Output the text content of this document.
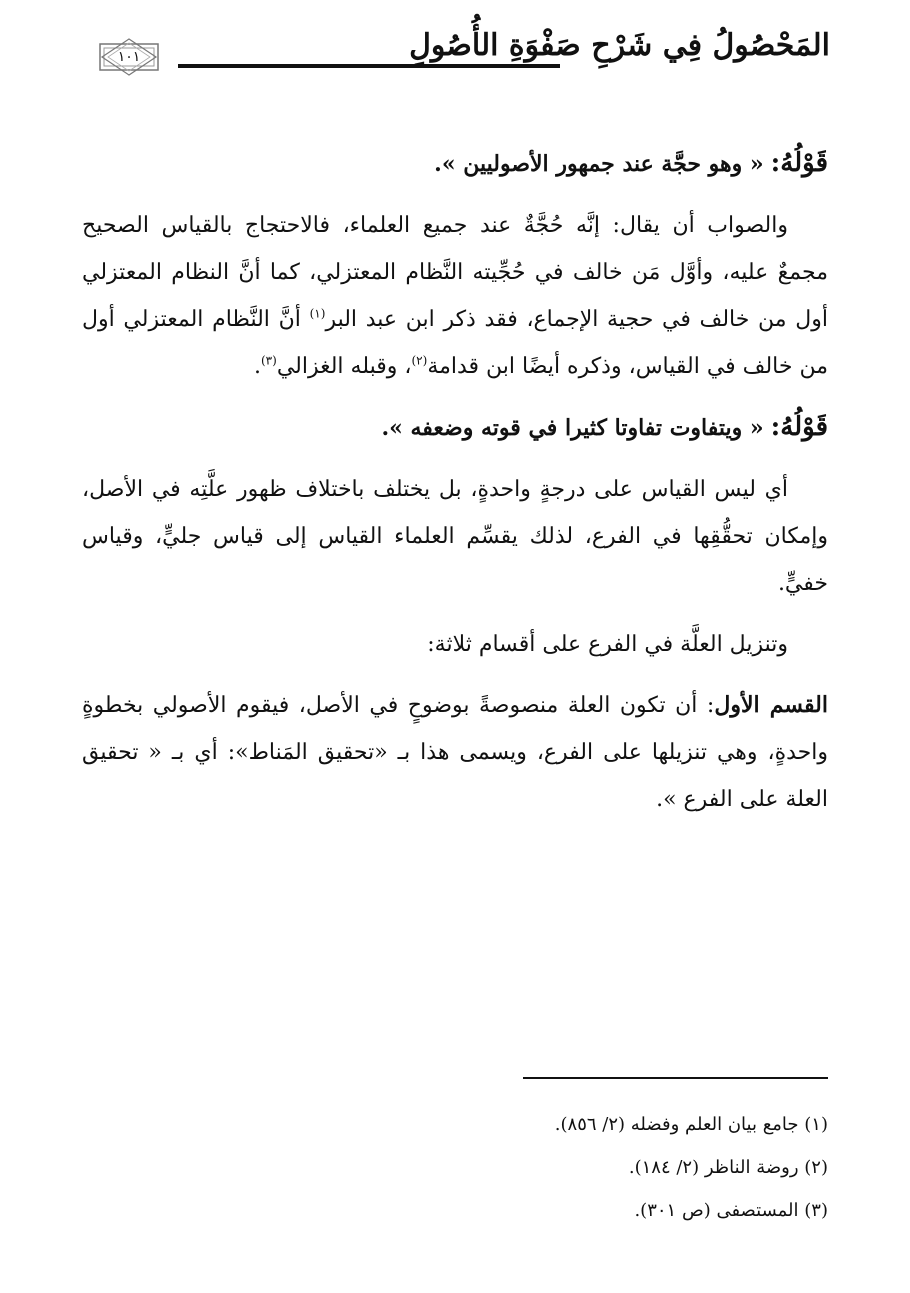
المَحْصُولُ فِي شَرْحِ صَفْوَةِ الأُصُولِ
١٠١

قَوْلُهُ: « وهو حجَّة عند جمهور الأصوليين ».

والصواب أن يقال: إنَّه حُجَّةٌ عند جميع العلماء، فالاحتجاج بالقياس الصحيح مجمعٌ عليه، وأوَّل مَن خالف في حُجِّيته النَّظام المعتزلي، كما أنَّ النظام المعتزلي أول من خالف في حجية الإجماع، فقد ذكر ابن عبد البر$^{(١)}$ أنَّ النَّظام المعتزلي أول من خالف في القياس، وذكره أيضًا ابن قدامة$^{(٢)}$، وقبله الغزالي$^{(٣)}$.

قَوْلُهُ: « ويتفاوت تفاوتا كثيرا في قوته وضعفه ».

أي ليس القياس على درجةٍ واحدةٍ، بل يختلف باختلاف ظهور علَّتِه في الأصل، وإمكان تحقُّقِها في الفرع، لذلك يقسِّم العلماء القياس إلى قياس جليٍّ، وقياس خفيٍّ.

وتنزيل العلَّة في الفرع على أقسام ثلاثة:

القسم الأول: أن تكون العلة منصوصةً بوضوحٍ في الأصل، فيقوم الأصولي بخطوةٍ واحدةٍ، وهي تنزيلها على الفرع، ويسمى هذا بـ «تحقيق المَناط»: أي بـ « تحقيق العلة على الفرع ».

(١) جامع بيان العلم وفضله (٢/ ٨٥٦).
(٢) روضة الناظر (٢/ ١٨٤).
(٣) المستصفى (ص ٣٠١).
